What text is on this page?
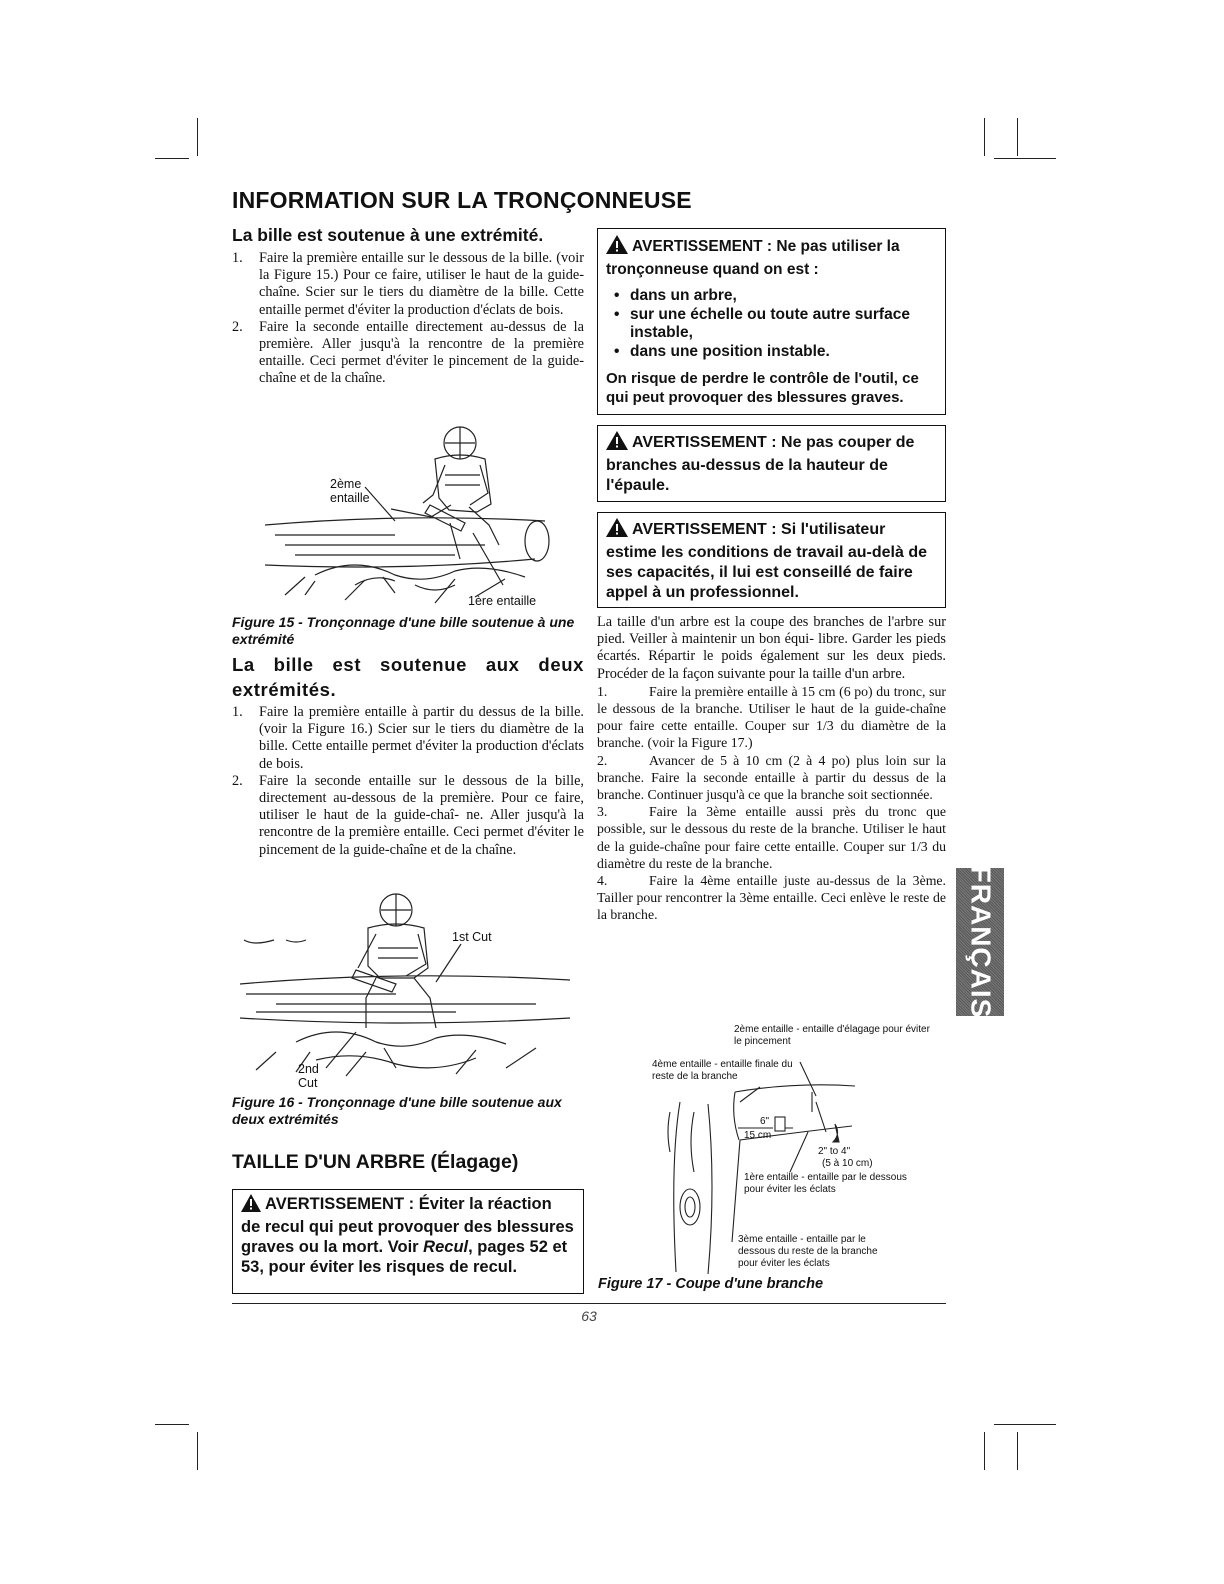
INFORMATION SUR LA TRONÇONNEUSE
La bille est soutenue à une extrémité.
1. Faire la première entaille sur le dessous de la bille. (voir la Figure 15.) Pour ce faire, utiliser le haut de la guide-chaîne. Scier sur le tiers du diamètre de la bille. Cette entaille permet d'éviter la production d'éclats de bois.
2. Faire la seconde entaille directement au-dessus de la première. Aller jusqu'à la rencontre de la première entaille. Ceci permet d'éviter le pincement de la guide-chaîne et de la chaîne.
2ème
entaille
1ère entaille
Figure 15 - Tronçonnage d'une bille soutenue à une extrémité
La bille est soutenue aux deux extrémités.
1. Faire la première entaille à partir du dessus de la bille. (voir la Figure 16.) Scier sur le tiers du diamètre de la bille. Cette entaille permet d'éviter la production d'éclats de bois.
2. Faire la seconde entaille sur le dessous de la bille, directement au-dessous de la première. Pour ce faire, utiliser le haut de la guide-chaî- ne. Aller jusqu'à la rencontre de la première entaille. Ceci permet d'éviter le pincement de la guide-chaîne et de la chaîne.
1st Cut
2nd
Cut
Figure 16 - Tronçonnage d'une bille soutenue aux deux extrémités
TAILLE D'UN ARBRE (Élagage)
AVERTISSEMENT : Éviter la réaction de recul qui peut provoquer des blessures graves ou la mort. Voir Recul, pages 52 et 53, pour éviter les risques de recul.
AVERTISSEMENT : Ne pas utiliser la tronçonneuse quand on est :
• dans un arbre,
• sur une échelle ou toute autre surface instable,
• dans une position instable.
On risque de perdre le contrôle de l'outil, ce qui peut provoquer des blessures graves.
AVERTISSEMENT : Ne pas couper de branches au-dessus de la hauteur de l'épaule.
AVERTISSEMENT : Si l'utilisateur estime les conditions de travail au-delà de ses capacités, il lui est conseillé de faire appel à un professionnel.

La taille d'un arbre est la coupe des branches de l'arbre sur pied. Veiller à maintenir un bon équi- libre. Garder les pieds écartés. Répartir le poids également sur les deux pieds. Procéder de la façon suivante pour la taille d'un arbre.

1.	Faire la première entaille à 15 cm (6 po) du tronc, sur le dessous de la branche. Utiliser le haut de la guide-chaîne pour faire cette entaille. Couper sur 1/3 du diamètre de la branche. (voir la Figure 17.)
2.	Avancer de 5 à 10 cm (2 à 4 po) plus loin sur la branche. Faire la seconde entaille à partir du dessus de la branche. Continuer jusqu'à ce que la branche soit sectionnée.
3.	Faire la 3ème entaille aussi près du tronc que possible, sur le dessous du reste de la branche. Utiliser le haut de la guide-chaîne pour faire cette entaille. Couper sur 1/3 du diamètre du reste de la branche.
4.	Faire la 4ème entaille juste au-dessus de la 3ème. Tailler pour rencontrer la 3ème entaille. Ceci enlève le reste de la branche.
2ème entaille - entaille d'élagage pour éviter le pincement
4ème entaille - entaille finale du reste de la branche
6"
15 cm
2" to 4"
(5 à 10 cm)
1ère entaille - entaille par le dessous pour éviter les éclats
3ème entaille - entaille par le dessous du reste de la branche pour éviter les éclats
Figure 17 - Coupe d'une branche
FRANÇAIS
63
